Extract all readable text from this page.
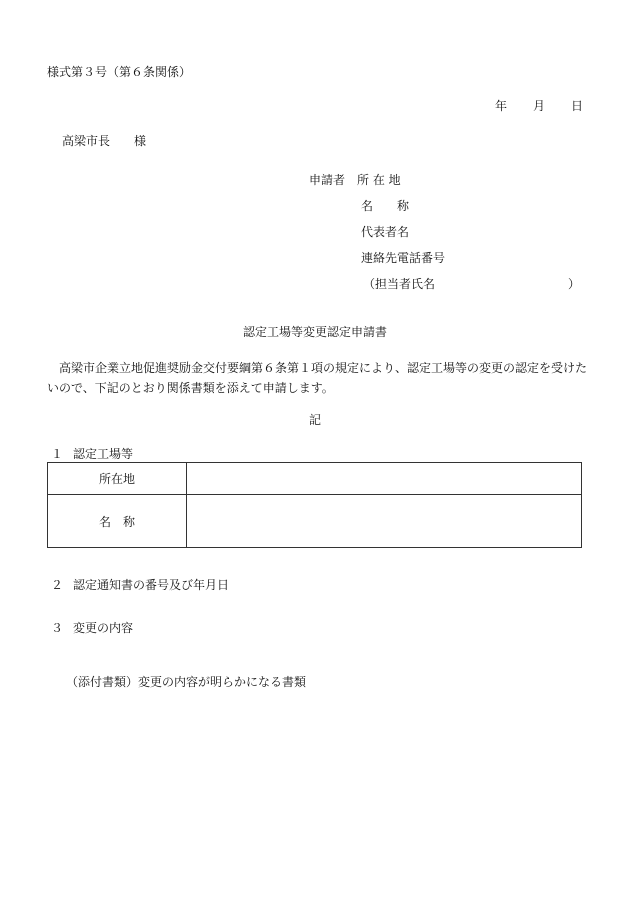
様式第３号（第６条関係）
年 月 日
高梁市長 様
申請者 所 在 地
名　　称
代表者名
連絡先電話番号
（担当者氏名	）
認定工場等変更認定申請書
　高梁市企業立地促進奨励金交付要綱第６条第１項の規定により、認定工場等の変更の認定を受けたいので、下記のとおり関係書類を添えて申請します。
記
１ 認定工場等
所在地	
名　称	
２ 認定通知書の番号及び年月日
３ 変更の内容
（添付書類）変更の内容が明らかになる書類
